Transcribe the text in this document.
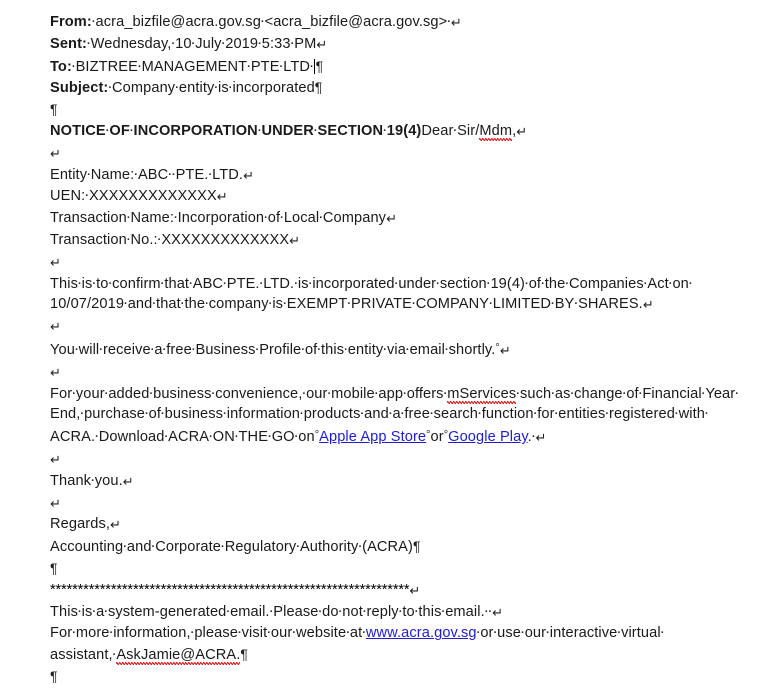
From:·acra_bizfile@acra.gov.sg·<acra_bizfile@acra.gov.sg>·↵
Sent:·Wednesday,·10·July·2019·5:33·PM↵
To:·BIZTREE·MANAGEMENT·PTE·LTD· ¶
Subject:·Company·entity·is·incorporated¶
¶
NOTICE·OF·INCORPORATION·UNDER·SECTION·19(4)Dear·Sir/Mdm,↵
↵
Entity·Name:·ABC··PTE.·LTD.↵
UEN:·XXXXXXXXXXXXX↵
Transaction·Name:·Incorporation·of·Local·Company↵
Transaction·No.:·XXXXXXXXXXXXX↵
↵
This·is·to·confirm·that·ABC·PTE.·LTD.·is·incorporated·under·section·19(4)·of·the·Companies·Act·on·
10/07/2019·and·that·the·company·is·EXEMPT·PRIVATE·COMPANY·LIMITED·BY·SHARES.↵
↵
You·will·receive·a·free·Business·Profile·of·this·entity·via·email·shortly.°↵
↵
For·your·added·business·convenience,·our·mobile·app·offers·mServices·such·as·change·of·Financial·Year·
End,·purchase·of·business·information·products·and·a·free·search·function·for·entities·registered·with·
ACRA.·Download·ACRA·ON·THE·GO·on°Apple App Store°or°Google Play.·↵
↵
Thank·you.↵
↵
Regards,↵
Accounting·and·Corporate·Regulatory·Authority·(ACRA)¶
¶
*****************************************************************↵
This·is·a·system-generated·email.·Please·do·not·reply·to·this·email.··↵
For·more·information,·please·visit·our·website·at·www.acra.gov.sg·or·use·our·interactive·virtual·
assistant,·AskJamie@ACRA.¶
¶
